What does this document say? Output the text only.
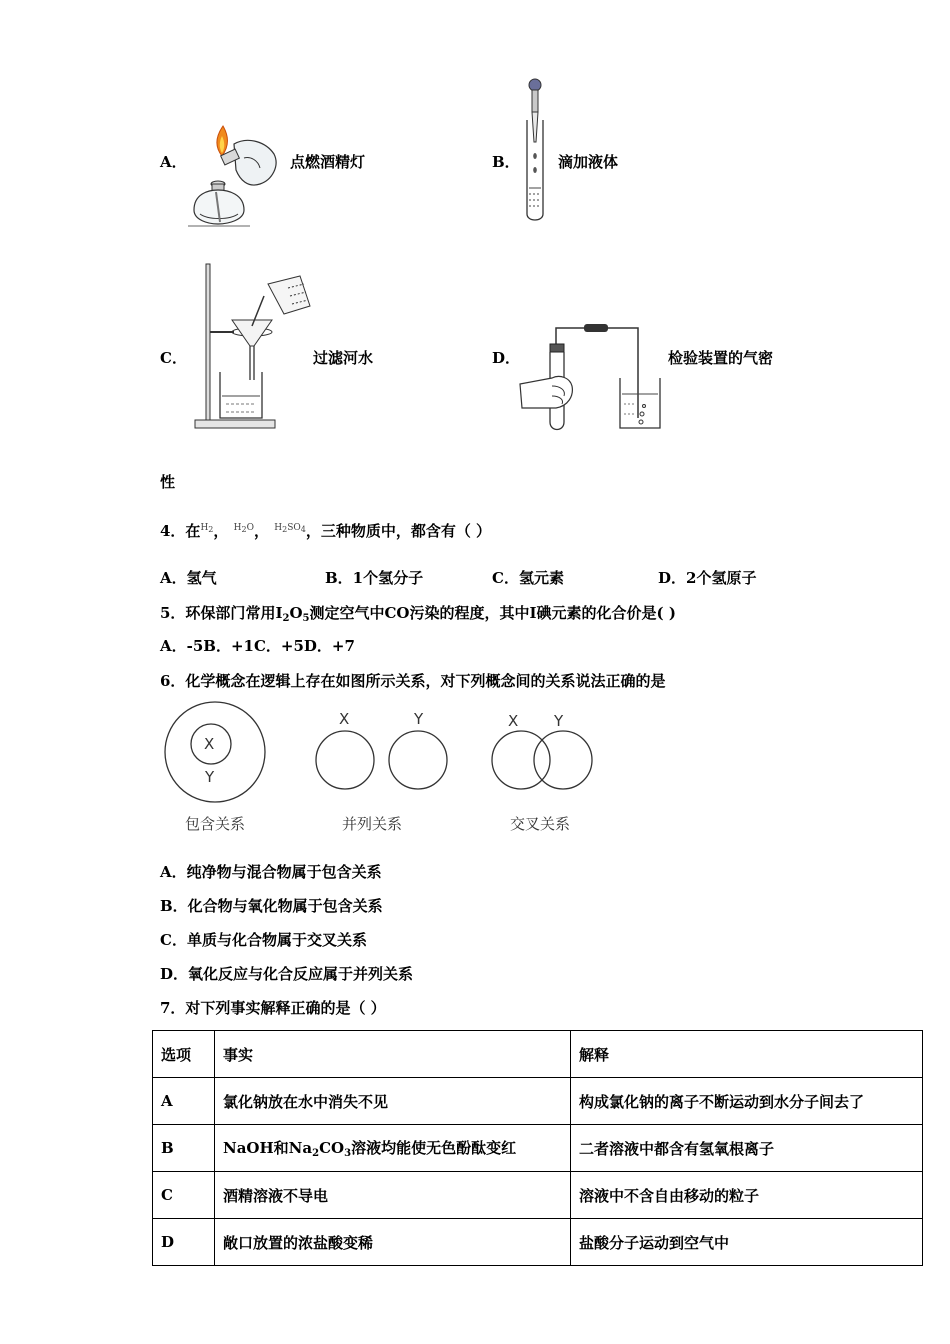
A．	点燃酒精灯	B．	滴加液体
C．	过滤河水	D．	检验装置的气密
性
4．在$^{H2}$， $^{H2O}$， $^{H2SO4}$，三种物质中，都含有（ ）
A．氢气	B．1个氢分子	C．氢元素	D．2个氢原子
5．环保部门常用$I_2O_5$测定空气中CO污染的程度，其中I碘元素的化合价是( )
A．-5B．+1C．+5D．+7
6．化学概念在逻辑上存在如图所示关系，对下列概念间的关系说法正确的是
X
Y
X	Y	X Y
包含关系	并列关系	交叉关系
A．纯净物与混合物属于包含关系
B．化合物与氧化物属于包含关系
C．单质与化合物属于交叉关系
D．氧化反应与化合反应属于并列关系
7．对下列事实解释正确的是（ ）
选项	事实	解释
A	氯化钠放在水中消失不见	构成氯化钠的离子不断运动到水分子间去了
B	NaOH和$Na_2CO_3$溶液均能使无色酚酞变红	二者溶液中都含有氢氧根离子
C	酒精溶液不导电	溶液中不含自由移动的粒子
D	敞口放置的浓盐酸变稀	盐酸分子运动到空气中
